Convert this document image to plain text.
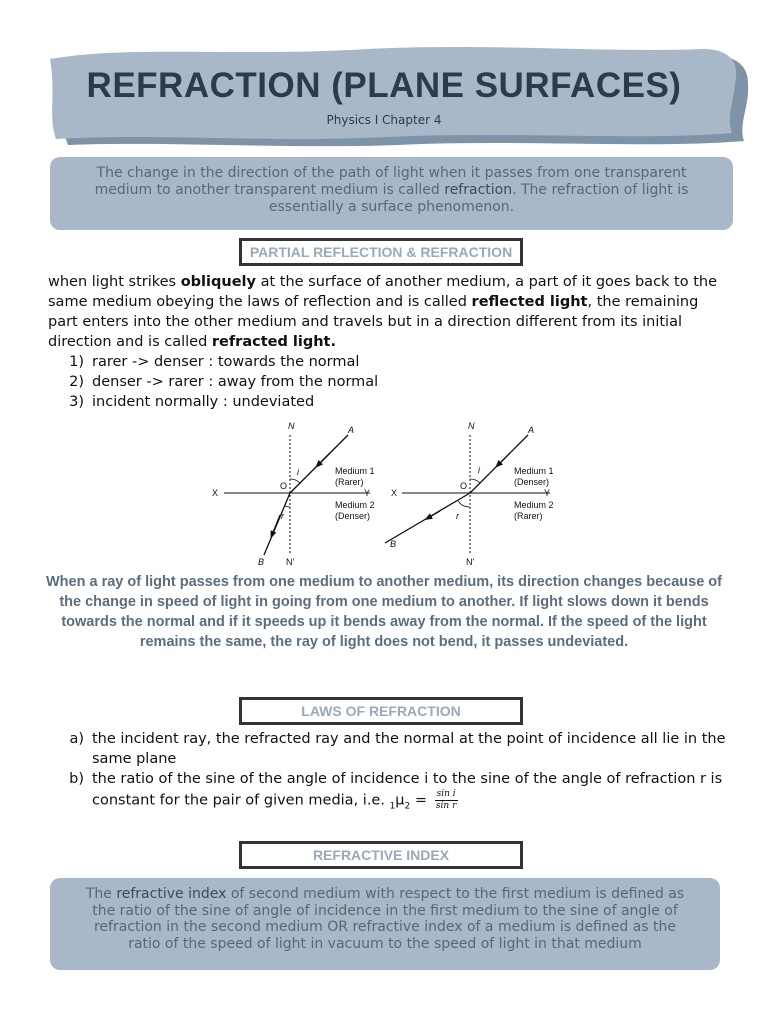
REFRACTION (PLANE SURFACES)
Physics I Chapter 4
The change in the direction of the path of light when it passes from one transparent medium to another transparent medium is called refraction. The refraction of light is essentially a surface phenomenon.
PARTIAL REFLECTION & REFRACTION
when light strikes obliquely at the surface of another medium, a part of it goes back to the same medium obeying the laws of reflection and is called reflected light, the remaining part enters into the other medium and travels but in a direction different from its initial direction and is called refracted light.
1) rarer -> denser : towards the normal
2) denser -> rarer : away from the normal
3) incident normally : undeviated
N	A
X	Y
O
i
r
B N'
Medium 1
(Rarer)
Medium 2
(Denser)
N	A
X	Y
O
i
r
B
N'
Medium 1
(Denser)
Medium 2
(Rarer)
When a ray of light passes from one medium to another medium, its direction changes because of the change in speed of light in going from one medium to another. If light slows down it bends towards the normal and if it speeds up it bends away from the normal. If the speed of the light remains the same, the ray of light does not bend, it passes undeviated.
LAWS OF REFRACTION
a) the incident ray, the refracted ray and the normal at the point of incidence all lie in the same plane
b) the ratio of the sine of the angle of incidence i to the sine of the angle of refraction r is constant for the pair of given media, i.e. $_1\mu_2 = \frac{\text{sin i}}{\text{sin r}}$
REFRACTIVE INDEX
The refractive index of second medium with respect to the first medium is defined as the ratio of the sine of angle of incidence in the first medium to the sine of angle of refraction in the second medium OR refractive index of a medium is defined as the ratio of the speed of light in vacuum to the speed of light in that medium
